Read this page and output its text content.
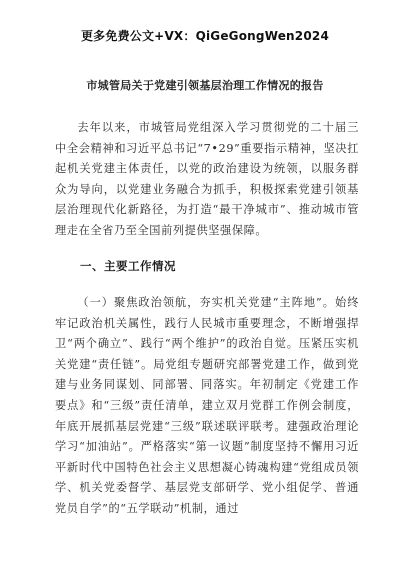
更多免费公文+VX：QiGeGongWen2024
市城管局关于党建引领基层治理工作情况的报告

去年以来，市城管局党组深入学习贯彻党的二十届三中全会精神和习近平总书记“7•29”重要指示精神，坚决扛起机关党建主体责任，以党的政治建设为统领，以服务群众为导向，以党建业务融合为抓手，积极探索党建引领基层治理现代化新路径，为打造“最干净城市”、推动城市管理走在全省乃至全国前列提供坚强保障。

一、主要工作情况

（一）聚焦政治领航，夯实机关党建“主阵地”。始终牢记政治机关属性，践行人民城市重要理念，不断增强捍卫“两个确立”、践行“两个维护”的政治自觉。压紧压实机关党建“责任链”。局党组专题研究部署党建工作，做到党建与业务同谋划、同部署、同落实。年初制定《党建工作要点》和“三级”责任清单，建立双月党群工作例会制度，年底开展抓基层党建“三级”联述联评联考。建强政治理论学习“加油站”。严格落实“第一议题”制度坚持不懈用习近平新时代中国特色社会主义思想凝心铸魂构建“党组成员领学、机关党委督学、基层党支部研学、党小组促学、普通党员自学”的“五学联动”机制，通过
